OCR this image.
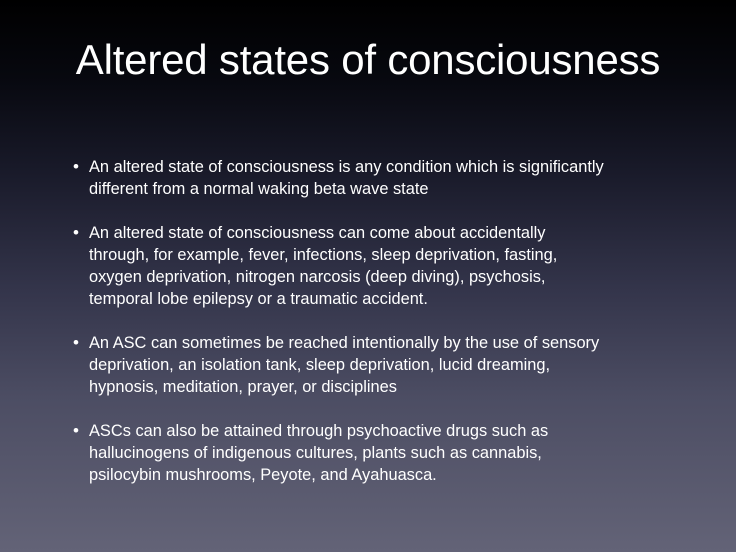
Altered states of consciousness
• An altered state of consciousness is any condition which is significantly
different from a normal waking beta wave state
• An altered state of consciousness can come about accidentally
through, for example, fever, infections, sleep deprivation, fasting,
oxygen deprivation, nitrogen narcosis (deep diving), psychosis,
temporal lobe epilepsy or a traumatic accident.
• An ASC can sometimes be reached intentionally by the use of sensory
deprivation, an isolation tank, sleep deprivation, lucid dreaming,
hypnosis, meditation, prayer, or disciplines
• ASCs can also be attained through psychoactive drugs such as
hallucinogens of indigenous cultures, plants such as cannabis,
psilocybin mushrooms, Peyote, and Ayahuasca.
